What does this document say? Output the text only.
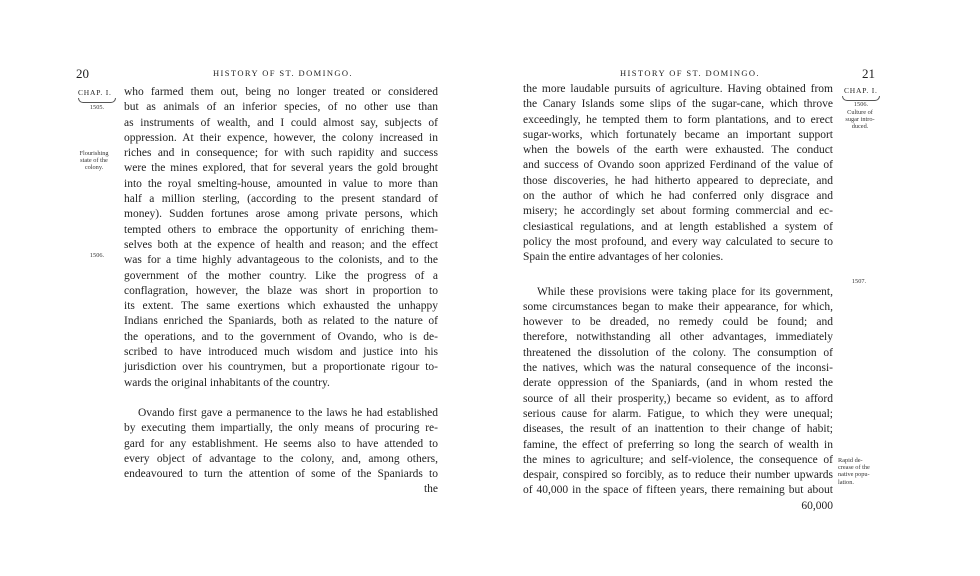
20	HISTORY OF ST. DOMINGO.
CHAP. I.
1505.
Flourishing
state of the
colony.
1506.
who farmed them out, being no longer treated or considered
but as animals of an inferior species, of no other use than
as instruments of wealth, and I could almost say, subjects of
oppression. At their expence, however, the colony increased in
riches and in consequence; for with such rapidity and success
were the mines explored, that for several years the gold brought
into the royal smelting-house, amounted in value to more than
half a million sterling, (according to the present standard of
money). Sudden fortunes arose among private persons, which
tempted others to embrace the opportunity of enriching them-
selves both at the expence of health and reason; and the effect
was for a time highly advantageous to the colonists, and to the
government of the mother country. Like the progress of a
conflagration, however, the blaze was short in proportion to
its extent. The same exertions which exhausted the unhappy
Indians enriched the Spaniards, both as related to the nature of
the operations, and to the government of Ovando, who is de-
scribed to have introduced much wisdom and justice into his
jurisdiction over his countrymen, but a proportionate rigour to-
wards the original inhabitants of the country.
Ovando first gave a permanence to the laws he had established
by executing them impartially, the only means of procuring re-
gard for any establishment. He seems also to have attended to
every object of advantage to the colony, and, among others,
endeavoured to turn the attention of some of the Spaniards to
the
HISTORY OF ST. DOMINGO.	21
CHAP. I.
1506.
Culture of
sugar intro-
duced.
1507.
Rapid de-
crease of the
native popu-
lation.
the more laudable pursuits of agriculture. Having obtained from
the Canary Islands some slips of the sugar-cane, which throve
exceedingly, he tempted them to form plantations, and to erect
sugar-works, which fortunately became an important support
when the bowels of the earth were exhausted. The conduct
and success of Ovando soon apprized Ferdinand of the value of
those discoveries, he had hitherto appeared to depreciate, and
on the author of which he had conferred only disgrace and
misery; he accordingly set about forming commercial and ec-
clesiastical regulations, and at length established a system of
policy the most profound, and every way calculated to secure to
Spain the entire advantages of her colonies.
While these provisions were taking place for its government,
some circumstances began to make their appearance, for which,
however to be dreaded, no remedy could be found; and
therefore, notwithstanding all other advantages, immediately
threatened the dissolution of the colony. The consumption of
the natives, which was the natural consequence of the inconsi-
derate oppression of the Spaniards, (and in whom rested the
source of all their prosperity,) became so evident, as to afford
serious cause for alarm. Fatigue, to which they were unequal;
diseases, the result of an inattention to their change of habit;
famine, the effect of preferring so long the search of wealth in
the mines to agriculture; and self-violence, the consequence of
despair, conspired so forcibly, as to reduce their number upwards
of 40,000 in the space of fifteen years, there remaining but about
60,000
